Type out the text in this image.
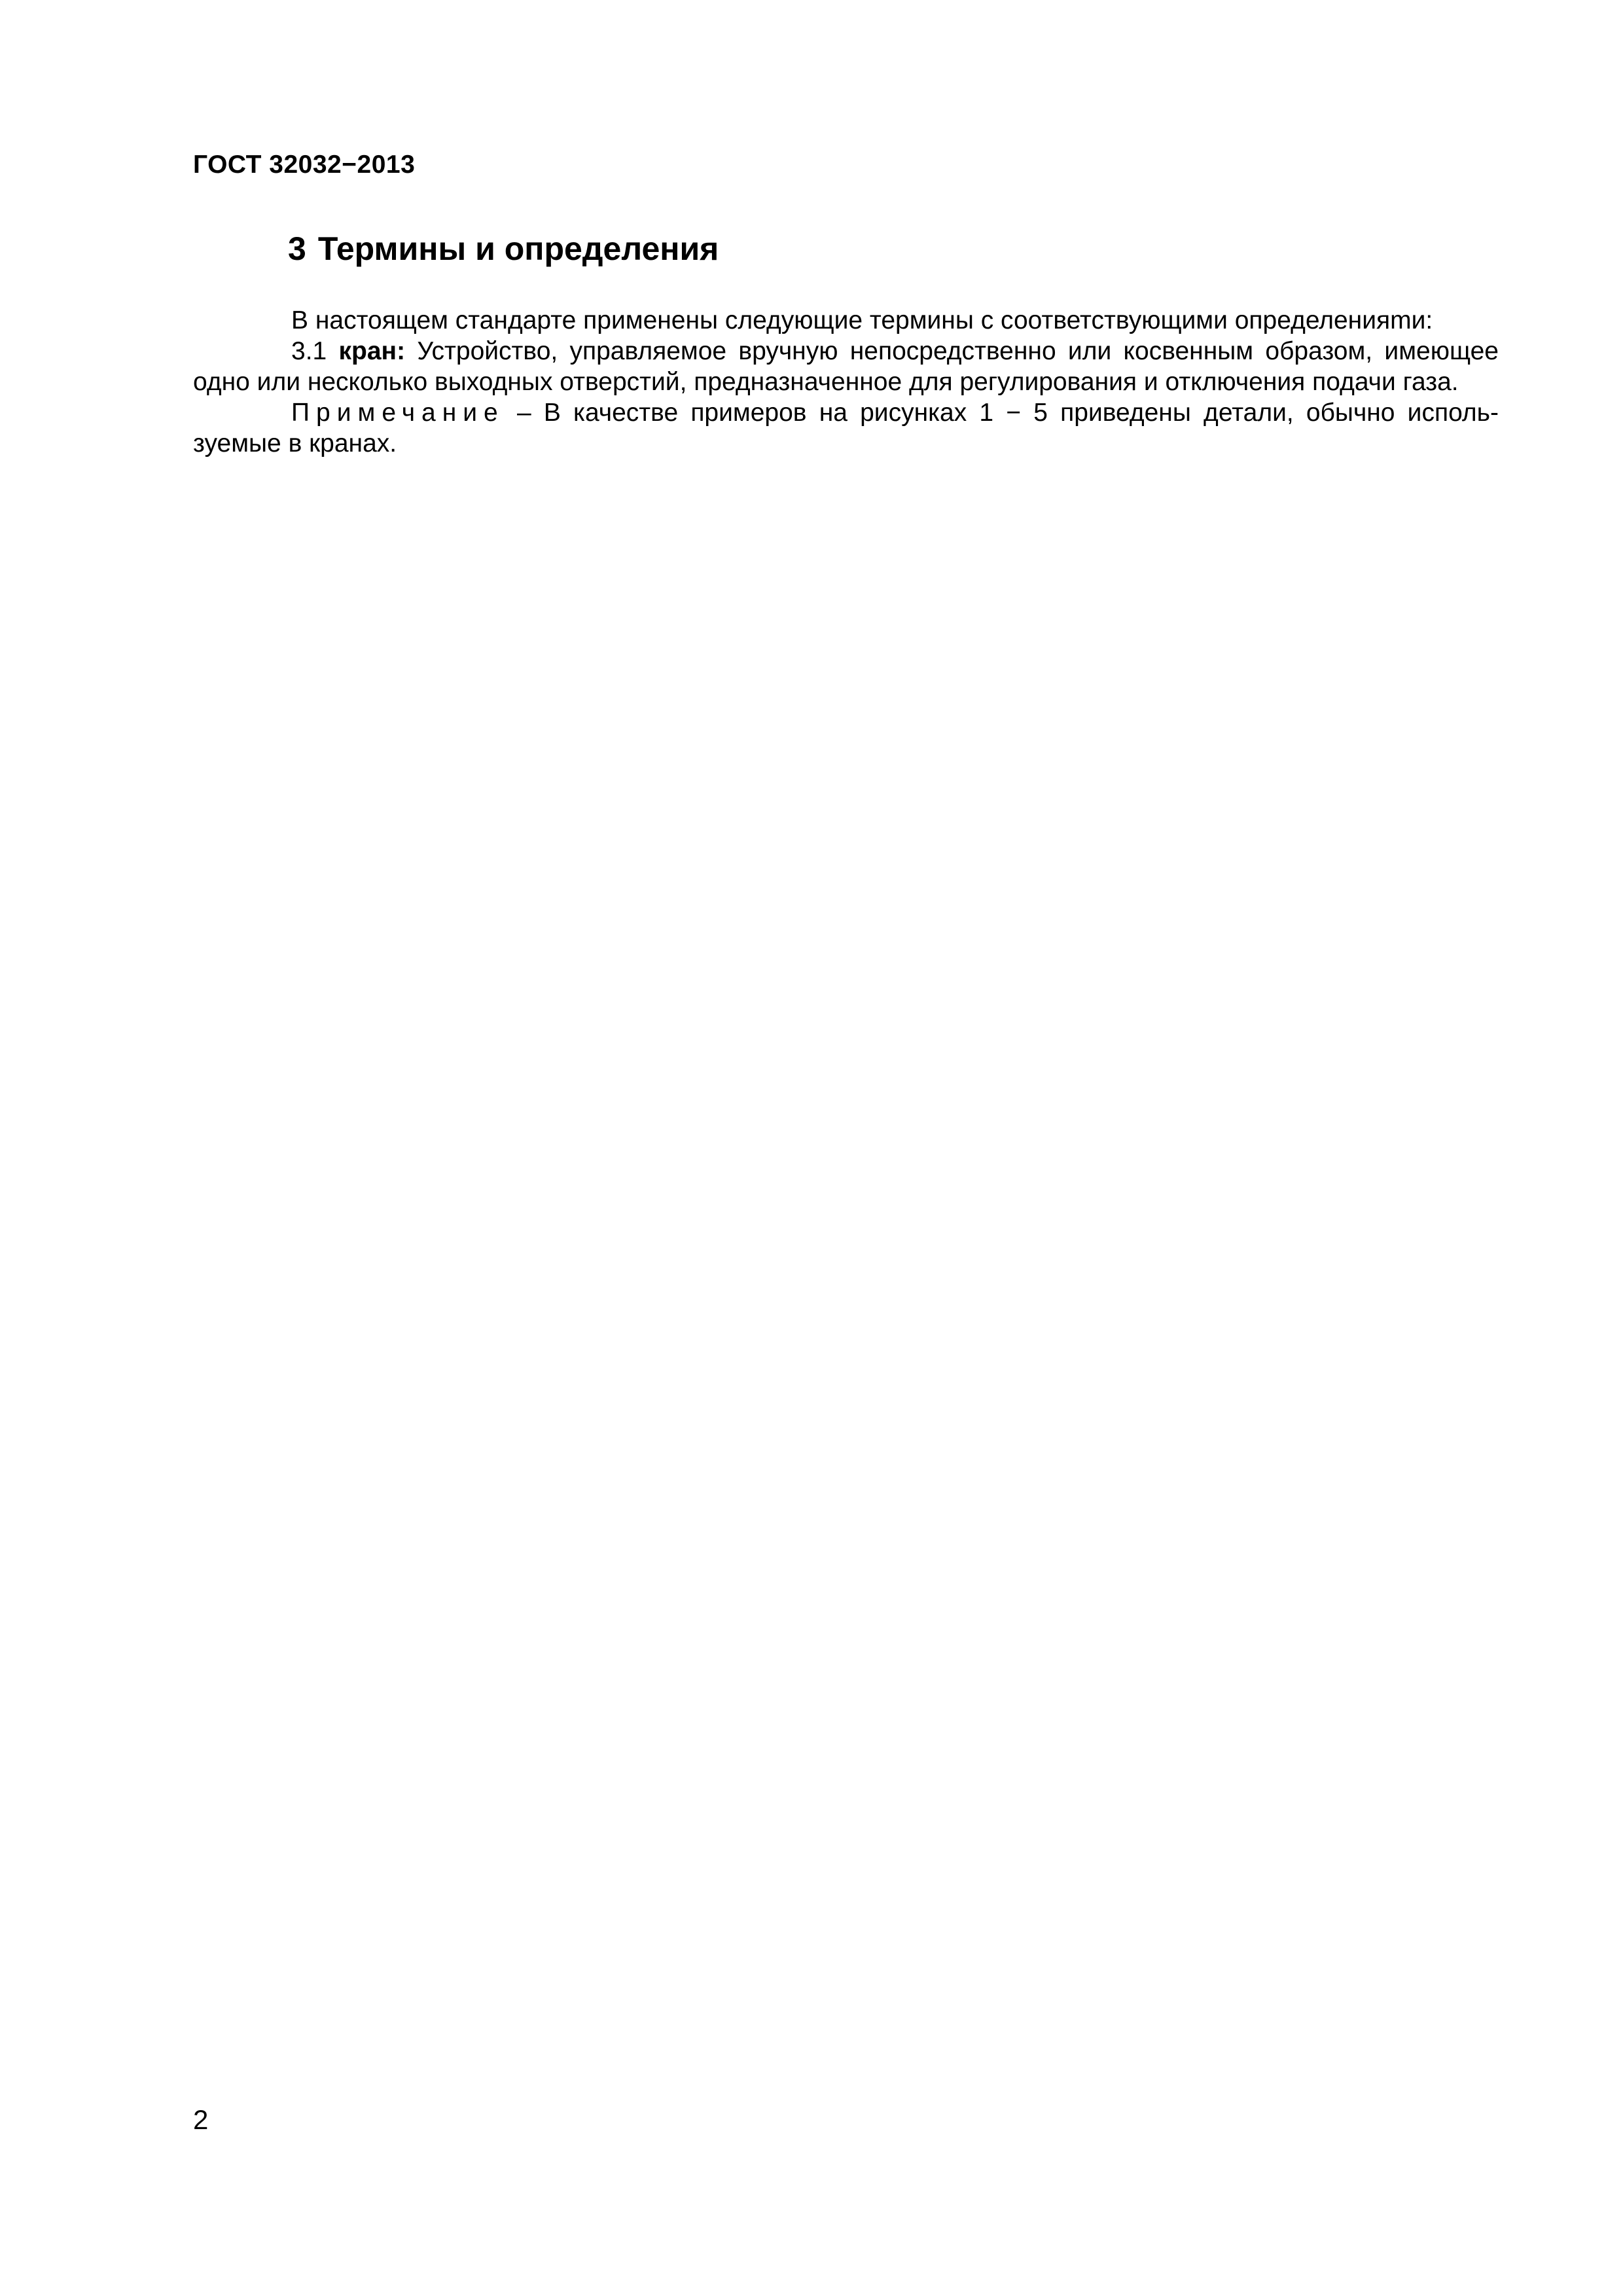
ГОСТ 32032−2013
3 Термины и определения

В настоящем стандарте применены следующие термины с соответствующими определенияmи:

3.1 кран: Устройство, управляемое вручную непосредственно или косвенным образом, имеющее одно или несколько выходных отверстий, предназначенное для регулирования и отключения подачи газа.

Примечание – В качестве примеров на рисунках 1 − 5 приведены детали, обычно используемые в кранах.

2
